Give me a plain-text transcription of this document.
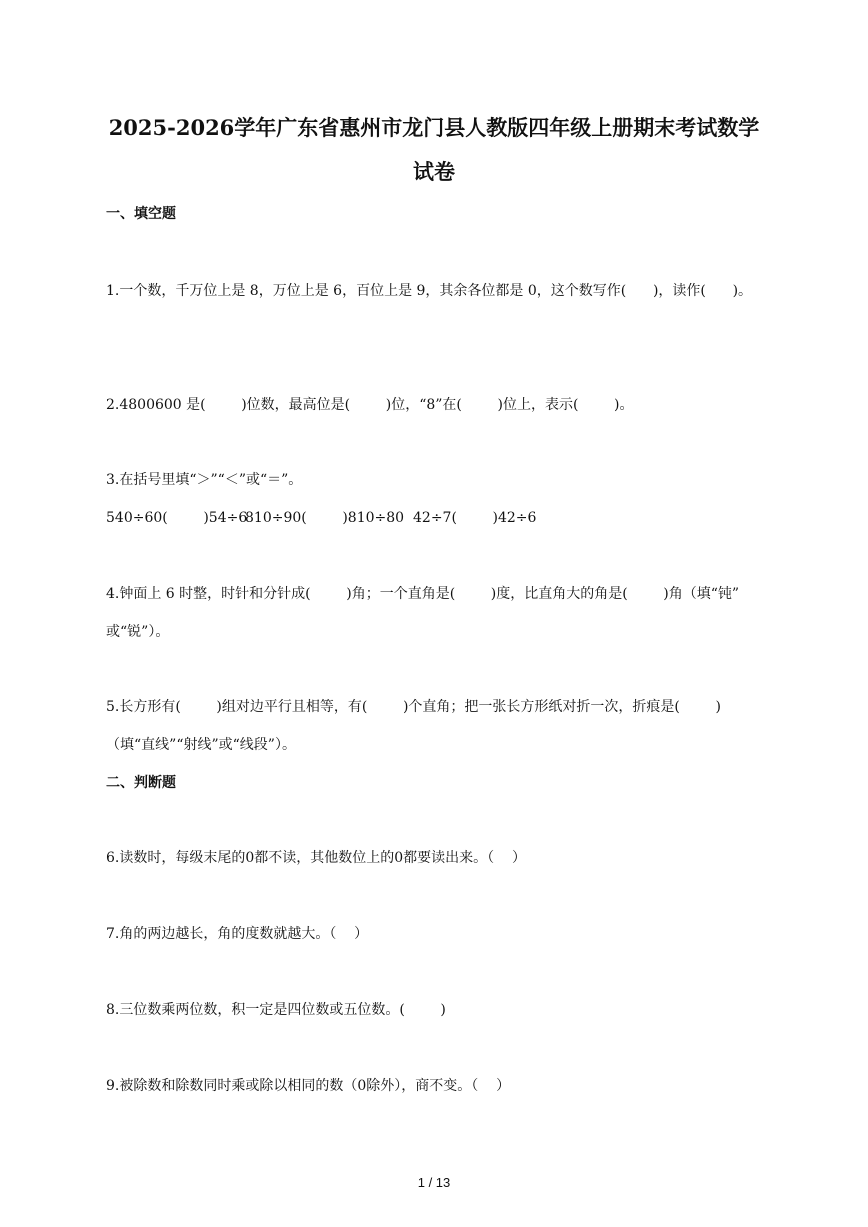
2025-2026学年广东省惠州市龙门县人教版四年级上册期末考试数学
试卷

一、填空题

1.一个数，千万位上是 8，万位上是 6，百位上是 9，其余各位都是 0，这个数写作(      )，读作(      )。

2.4800600 是(        )位数，最高位是(        )位，“8”在(        )位上，表示(        )。

3.在括号里填“＞”“＜”或“＝”。

540÷60(        )54÷6
810÷90(        )810÷80 42÷7(        )42÷6

4.钟面上 6 时整，时针和分针成(        )角；一个直角是(        )度，比直角大的角是(        )角（填“钝”

或“锐”）。

5.长方形有(        )组对边平行且相等，有(        )个直角；把一张长方形纸对折一次，折痕是(        )

（填“直线”“射线”或“线段”）。

二、判断题

6.读数时，每级末尾的0都不读，其他数位上的0都要读出来。（    ）

7.角的两边越长，角的度数就越大。（    ）

8.三位数乘两位数，积一定是四位数或五位数。(        )

9.被除数和除数同时乘或除以相同的数（0除外），商不变。（    ）

1 / 13
